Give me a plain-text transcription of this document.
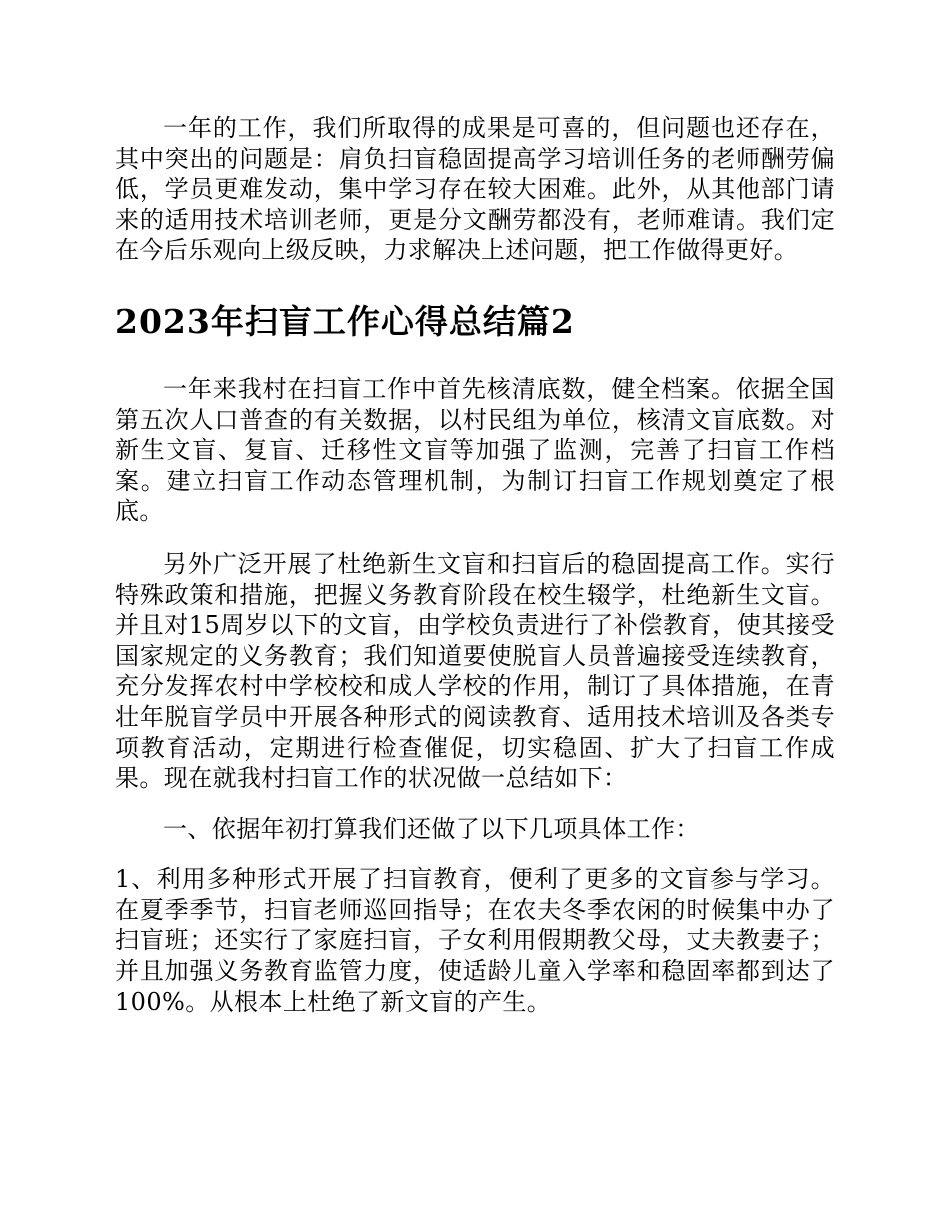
一年的工作，我们所取得的成果是可喜的，但问题也还存在，其中突出的问题是：肩负扫盲稳固提高学习培训任务的老师酬劳偏低，学员更难发动，集中学习存在较大困难。此外，从其他部门请来的适用技术培训老师，更是分文酬劳都没有，老师难请。我们定在今后乐观向上级反映，力求解决上述问题，把工作做得更好。

2023年扫盲工作心得总结篇2

一年来我村在扫盲工作中首先核清底数，健全档案。依据全国第五次人口普查的有关数据，以村民组为单位，核清文盲底数。对新生文盲、复盲、迁移性文盲等加强了监测，完善了扫盲工作档案。建立扫盲工作动态管理机制，为制订扫盲工作规划奠定了根底。

另外广泛开展了杜绝新生文盲和扫盲后的稳固提高工作。实行特殊政策和措施，把握义务教育阶段在校生辍学，杜绝新生文盲。并且对15周岁以下的文盲，由学校负责进行了补偿教育，使其接受国家规定的义务教育；我们知道要使脱盲人员普遍接受连续教育，充分发挥农村中学校校和成人学校的作用，制订了具体措施，在青壮年脱盲学员中开展各种形式的阅读教育、适用技术培训及各类专项教育活动，定期进行检查催促，切实稳固、扩大了扫盲工作成果。现在就我村扫盲工作的状况做一总结如下：

一、依据年初打算我们还做了以下几项具体工作：

1、利用多种形式开展了扫盲教育，便利了更多的文盲参与学习。在夏季季节，扫盲老师巡回指导；在农夫冬季农闲的时候集中办了扫盲班；还实行了家庭扫盲，子女利用假期教父母，丈夫教妻子；并且加强义务教育监管力度，使适龄儿童入学率和稳固率都到达了100%。从根本上杜绝了新文盲的产生。
